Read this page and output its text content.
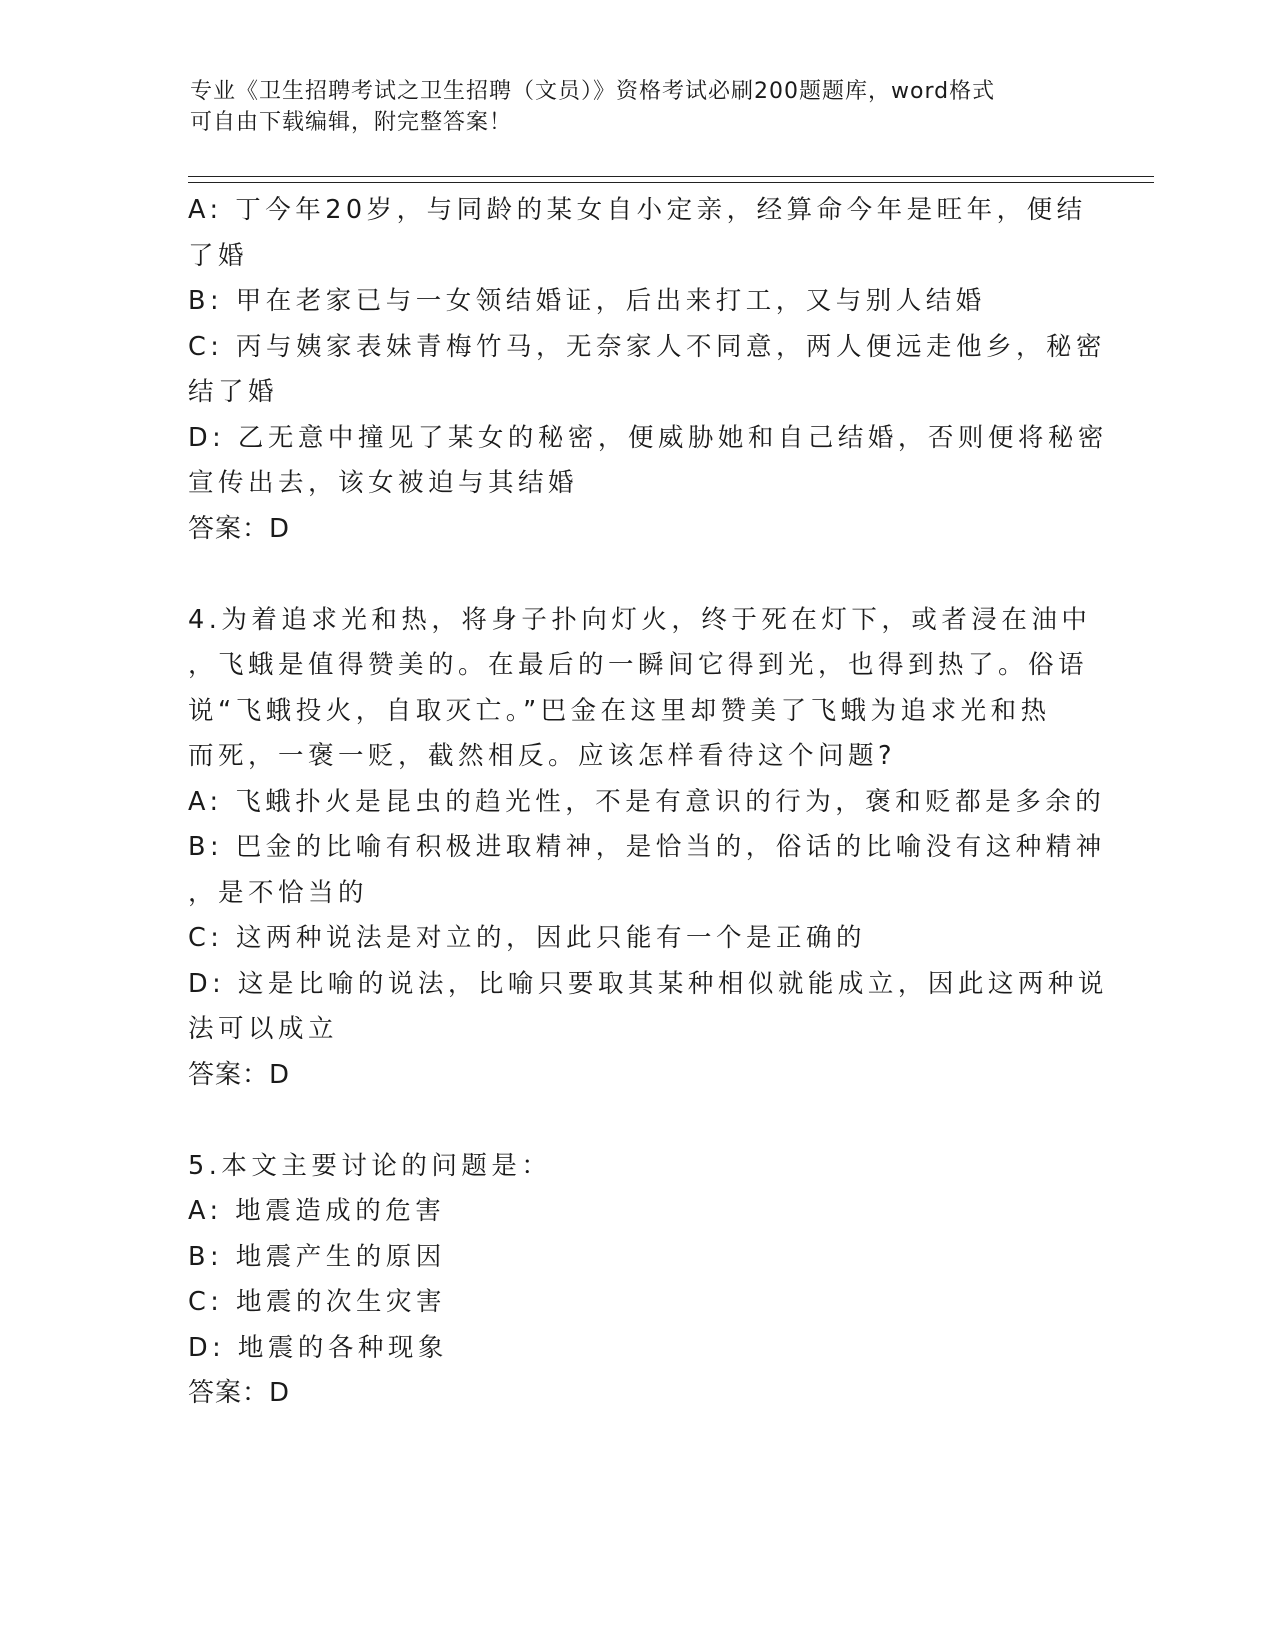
专业《卫生招聘考试之卫生招聘（文员）》资格考试必刷200题题库，word格式
可自由下载编辑，附完整答案！
A: 丁今年20岁，与同龄的某女自小定亲，经算命今年是旺年，便结
了婚
B: 甲在老家已与一女领结婚证，后出来打工，又与别人结婚
C: 丙与姨家表妹青梅竹马，无奈家人不同意，两人便远走他乡，秘密
结了婚
D: 乙无意中撞见了某女的秘密，便威胁她和自己结婚，否则便将秘密
宣传出去，该女被迫与其结婚
答案：D
4.为着追求光和热，将身子扑向灯火，终于死在灯下，或者浸在油中
，飞蛾是值得赞美的。在最后的一瞬间它得到光，也得到热了。俗语
说“飞蛾投火，自取灭亡。”巴金在这里却赞美了飞蛾为追求光和热
而死，一褒一贬，截然相反。应该怎样看待这个问题?
A: 飞蛾扑火是昆虫的趋光性，不是有意识的行为，褒和贬都是多余的
B: 巴金的比喻有积极进取精神，是恰当的，俗话的比喻没有这种精神
，是不恰当的
C: 这两种说法是对立的，因此只能有一个是正确的
D: 这是比喻的说法，比喻只要取其某种相似就能成立，因此这两种说
法可以成立
答案：D
5.本文主要讨论的问题是：
A: 地震造成的危害
B: 地震产生的原因
C: 地震的次生灾害
D: 地震的各种现象
答案：D
